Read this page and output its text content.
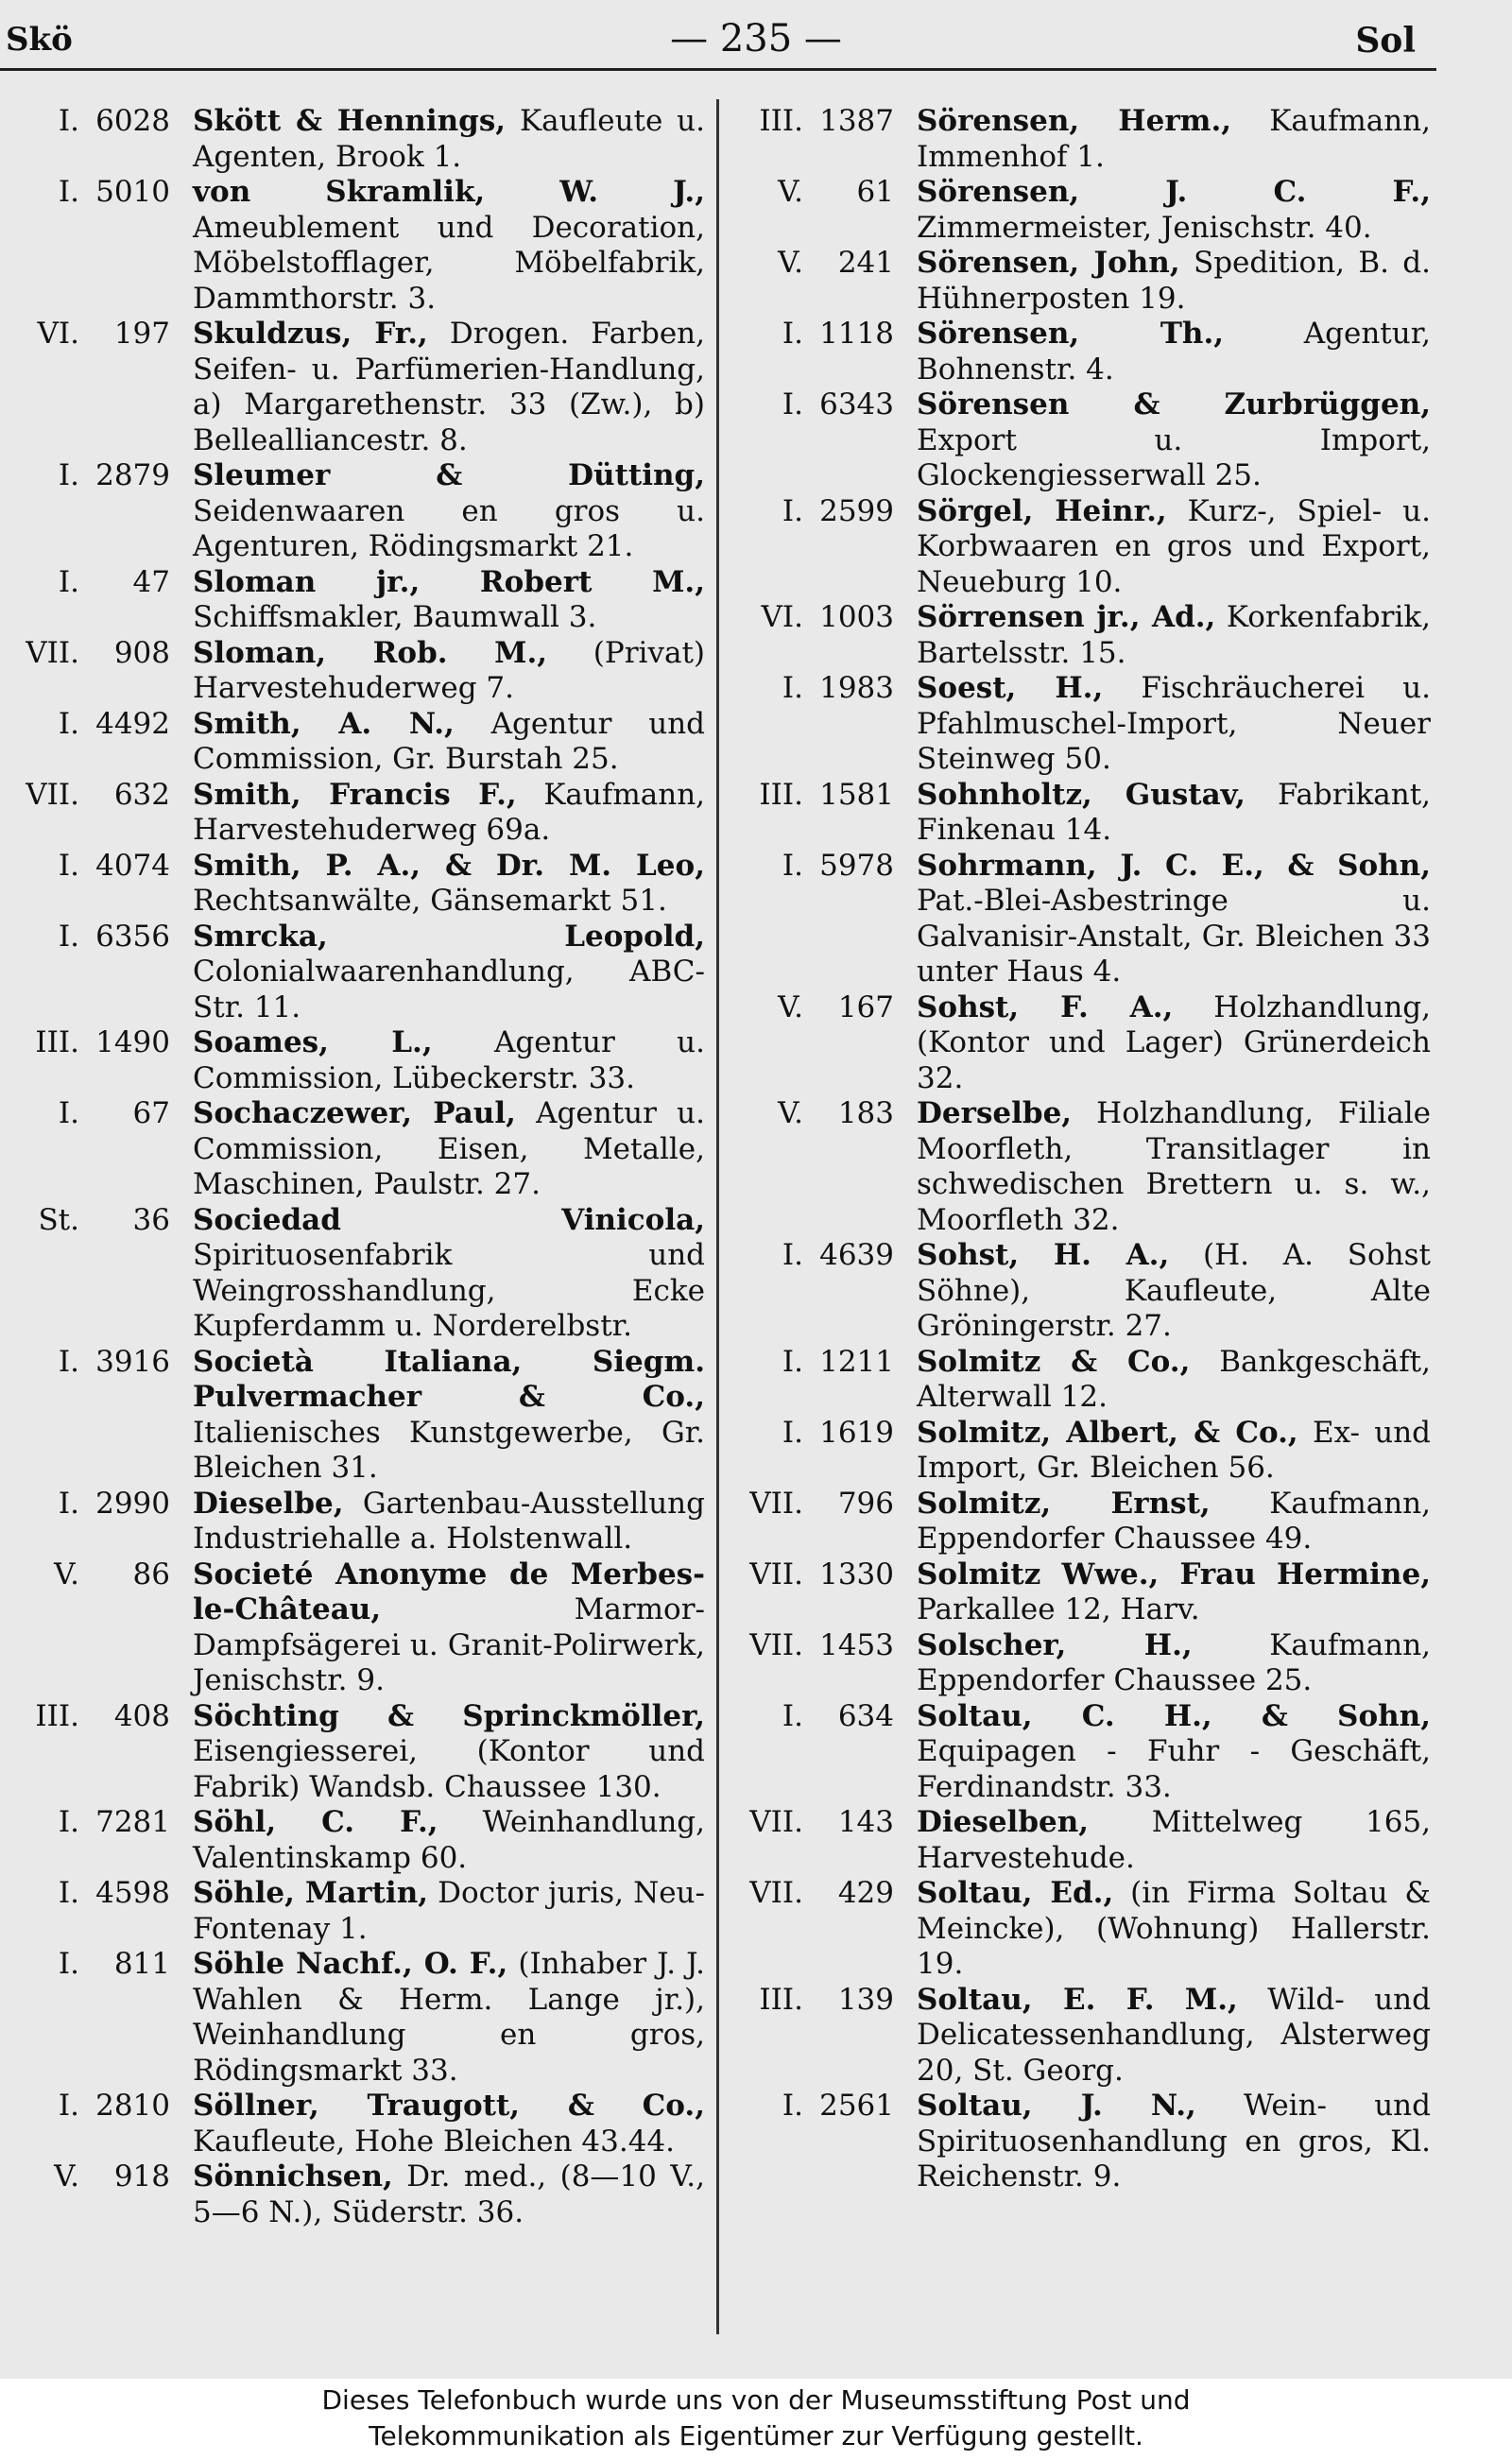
Skö	— 235 —	Sol
I. 6028 Skött & Hennings, Kaufleute u. Agenten, Brook 1.
I. 5010 von Skramlik, W. J., Ameublement und Decoration, Möbelstofflager, Möbelfabrik, Dammthorstr. 3.
VI. 197 Skuldzus, Fr., Drogen. Farben, Seifen- u. Parfümerien-Handlung, a) Margarethenstr. 33 (Zw.), b) Bellealliancestr. 8.
I. 2879 Sleumer & Dütting, Seidenwaaren en gros u. Agenturen, Rödingsmarkt 21.
I. 47 Sloman jr., Robert M., Schiffsmakler, Baumwall 3.
VII. 908 Sloman, Rob. M., (Privat) Harvestehuderweg 7.
I. 4492 Smith, A. N., Agentur und Commission, Gr. Burstah 25.
VII. 632 Smith, Francis F., Kaufmann, Harvestehuderweg 69a.
I. 4074 Smith, P. A., & Dr. M. Leo, Rechtsanwälte, Gänsemarkt 51.
I. 6356 Smrcka, Leopold, Colonialwaarenhandlung, ABC-Str. 11.
III. 1490 Soames, L., Agentur u. Commission, Lübeckerstr. 33.
I. 67 Sochaczewer, Paul, Agentur u. Commission, Eisen, Metalle, Maschinen, Paulstr. 27.
St. 36 Sociedad Vinicola, Spirituosenfabrik und Weingrosshandlung, Ecke Kupferdamm u. Norderelbstr.
I. 3916 Società Italiana, Siegm. Pulvermacher & Co., Italienisches Kunstgewerbe, Gr. Bleichen 31.
I. 2990 Dieselbe, Gartenbau-Ausstellung Industriehalle a. Holstenwall.
V. 86 Societé Anonyme de Merbes-le-Château,	Marmor-Dampfsägerei u. Granit-Polirwerk, Jenischstr. 9.
III. 408 Söchting & Sprinckmöller, Eisengiesserei, (Kontor und Fabrik) Wandsb. Chaussee 130.
I. 7281 Söhl, C. F., Weinhandlung, Valentinskamp 60.
I. 4598 Söhle, Martin, Doctor juris, Neu-Fontenay 1.
I. 811 Söhle Nachf., O. F., (Inhaber J. J. Wahlen & Herm. Lange jr.), Weinhandlung en gros, Rödingsmarkt 33.
I. 2810 Söllner, Traugott, & Co., Kaufleute, Hohe Bleichen 43.44.
V. 918 Sönnichsen, Dr. med., (8—10 V., 5—6 N.), Süderstr. 36.
III. 1387 Sörensen, Herm., Kaufmann, Immenhof 1.
V. 61 Sörensen, J. C. F., Zimmermeister, Jenischstr. 40.
V. 241 Sörensen, John, Spedition, B. d. Hühnerposten 19.
I. 1118 Sörensen, Th.,	Agentur, Bohnenstr. 4.
I. 6343 Sörensen & Zurbrüggen, Export u. Import, Glockengiesserwall 25.
I. 2599 Sörgel, Heinr., Kurz-, Spiel- u. Korbwaaren en gros und Export, Neueburg 10.
VI. 1003 Sörrensen jr., Ad., Korkenfabrik, Bartelsstr. 15.
I. 1983 Soest, H., Fischräucherei u. Pfahlmuschel-Import, Neuer Steinweg 50.
III. 1581 Sohnholtz, Gustav, Fabrikant, Finkenau 14.
I. 5978 Sohrmann, J. C. E., & Sohn, Pat.-Blei-Asbestringe u. Galvanisir-Anstalt, Gr. Bleichen 33 unter Haus 4.
V. 167 Sohst, F. A., Holzhandlung, (Kontor und Lager) Grünerdeich 32.
V. 183 Derselbe, Holzhandlung, Filiale Moorfleth, Transitlager in schwedischen Brettern u. s. w., Moorfleth 32.
I. 4639 Sohst, H. A., (H. A. Sohst Söhne), Kaufleute, Alte Gröningerstr. 27.
I. 1211 Solmitz & Co., Bankgeschäft, Alterwall 12.
I. 1619 Solmitz, Albert, & Co., Ex- und Import, Gr. Bleichen 56.
VII. 796 Solmitz, Ernst, Kaufmann, Eppendorfer Chaussee 49.
VII. 1330 Solmitz Wwe., Frau Hermine, Parkallee 12, Harv.
VII. 1453 Solscher, H.,	Kaufmann, Eppendorfer Chaussee 25.
I. 634 Soltau, C. H., & Sohn, Equipagen - Fuhr - Geschäft, Ferdinandstr. 33.
VII. 143 Dieselben, Mittelweg 165, Harvestehude.
VII. 429 Soltau, Ed., (in Firma Soltau & Meincke), (Wohnung) Hallerstr. 19.
III. 139 Soltau, E. F. M., Wild- und Delicatessenhandlung, Alsterweg 20, St. Georg.
I. 2561 Soltau, J. N., Wein- und Spirituosenhandlung en gros, Kl. Reichenstr. 9.
Dieses Telefonbuch wurde uns von der Museumsstiftung Post und
Telekommunikation als Eigentümer zur Verfügung gestellt.
